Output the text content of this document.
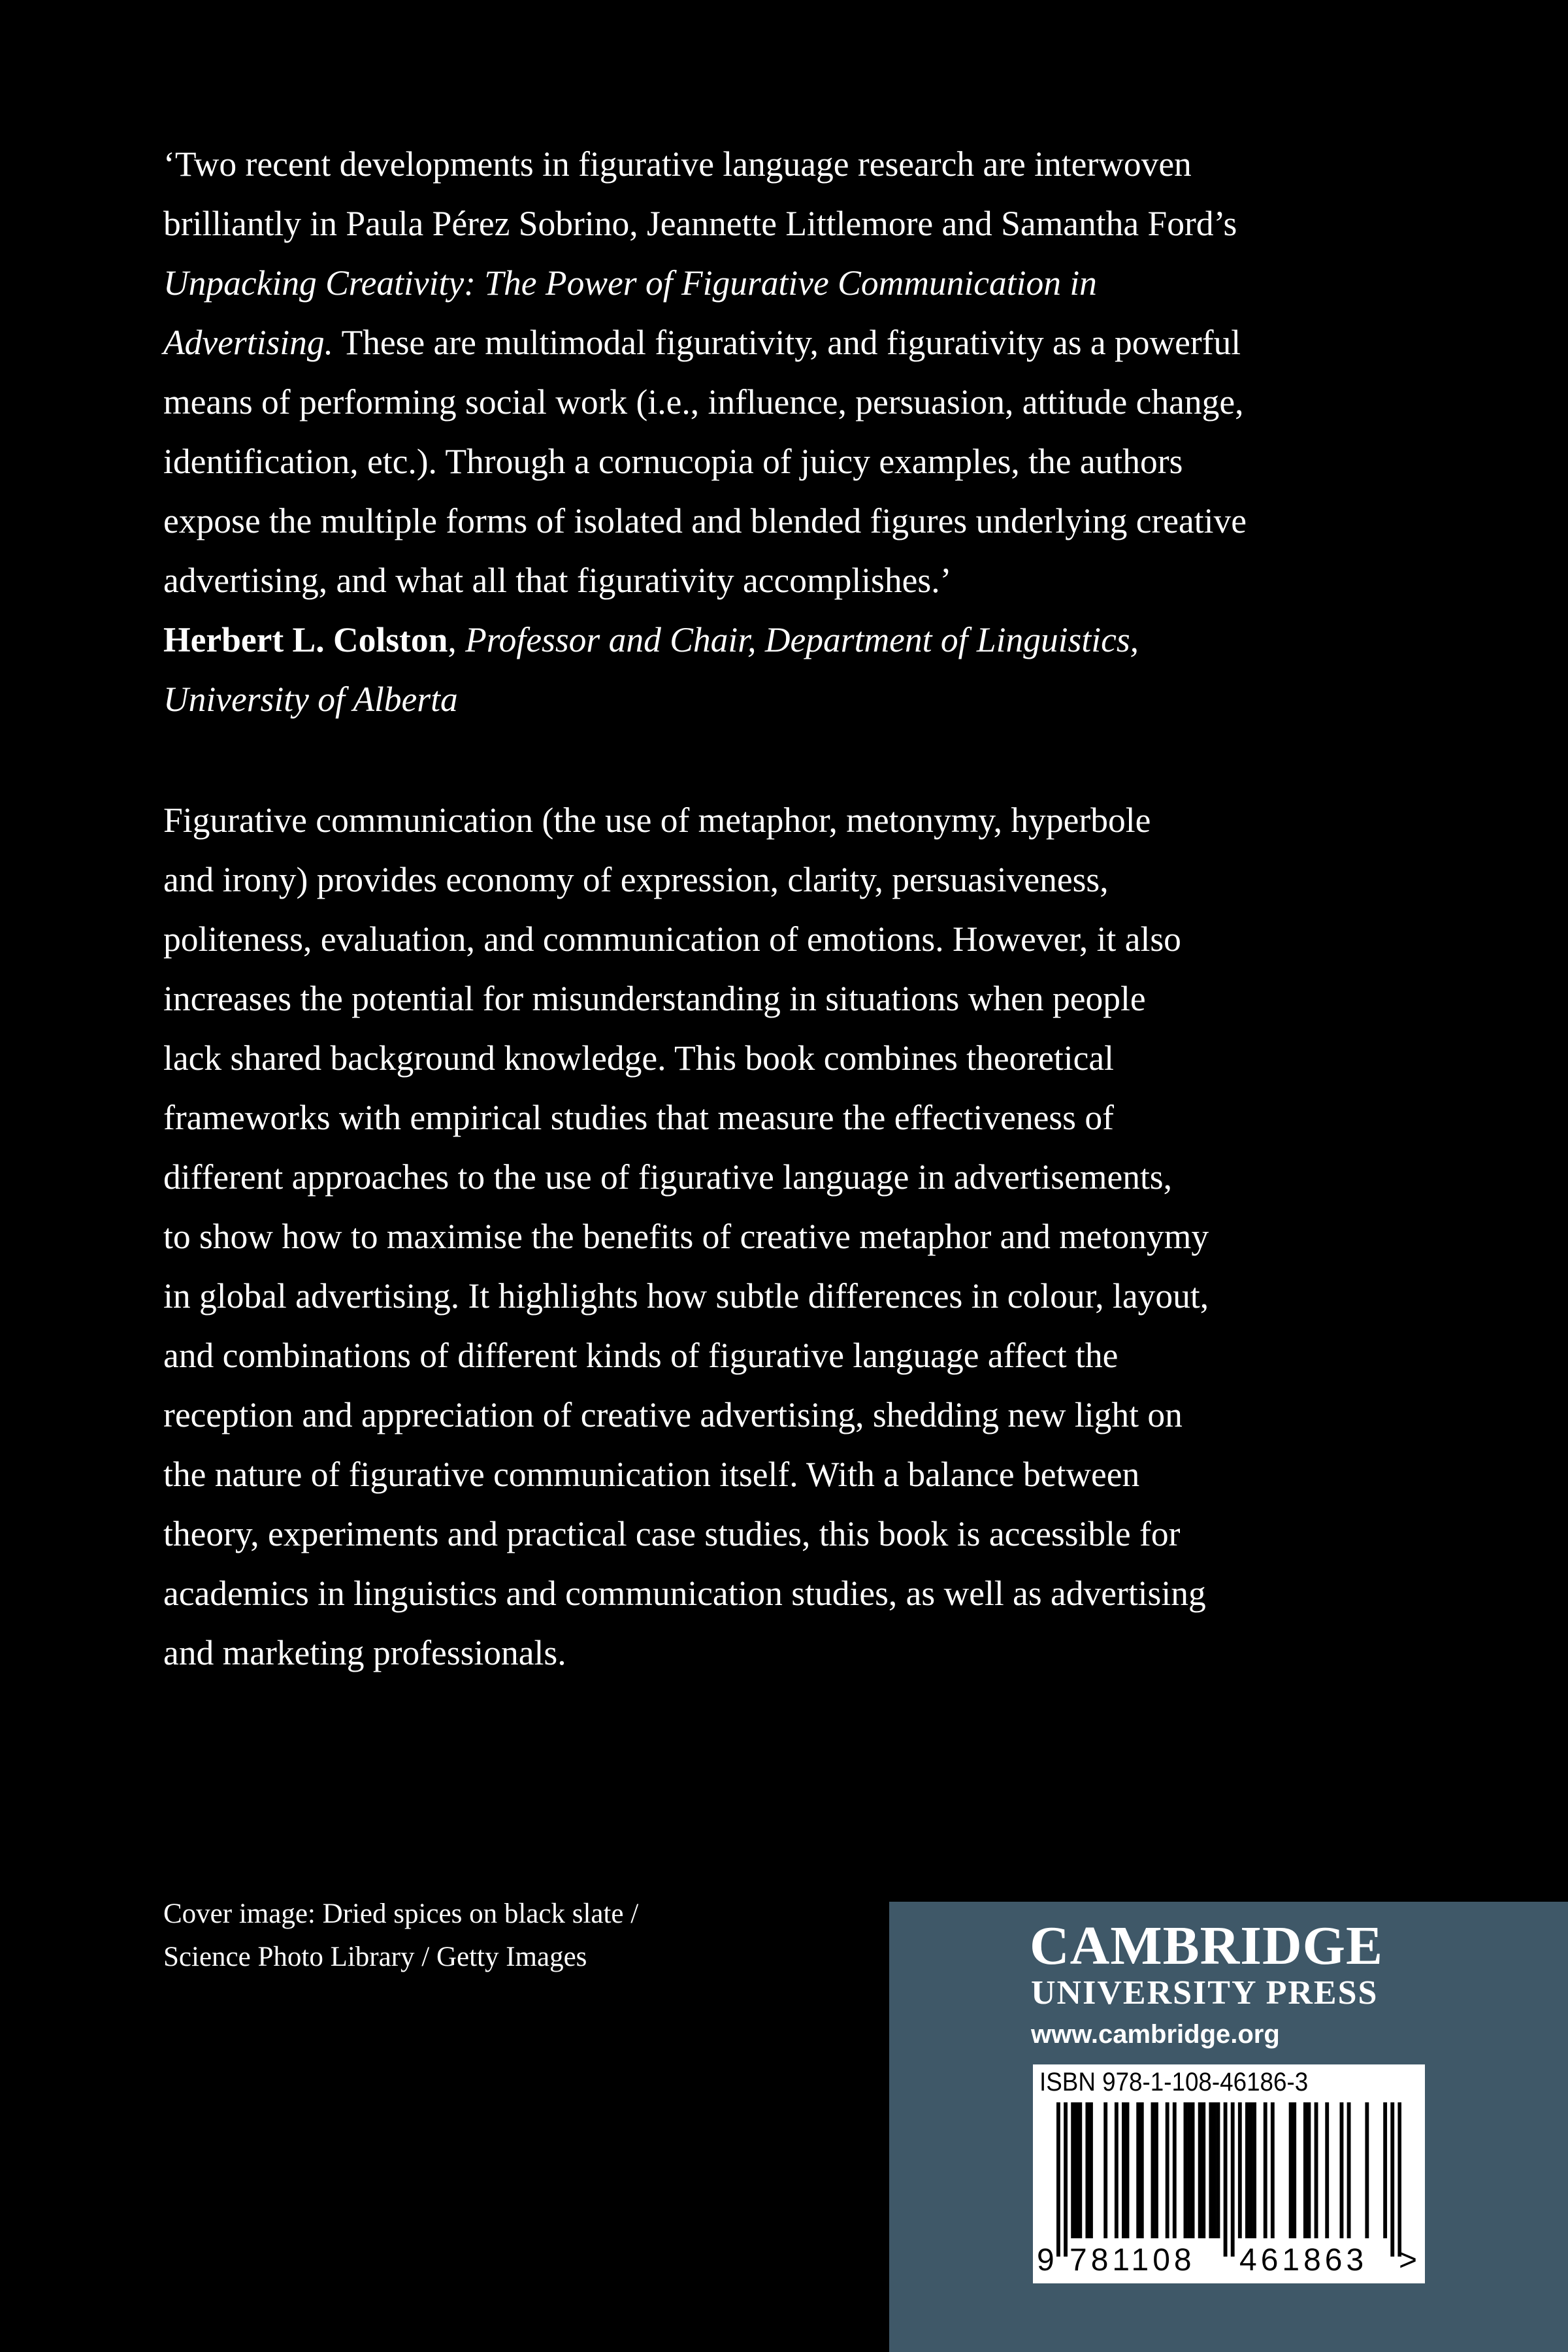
‘Two recent developments in figurative language research are interwoven
brilliantly in Paula Pérez Sobrino, Jeannette Littlemore and Samantha Ford’s
Unpacking Creativity: The Power of Figurative Communication in
Advertising. These are multimodal figurativity, and figurativity as a powerful
means of performing social work (i.e., influence, persuasion, attitude change,
identification, etc.). Through a cornucopia of juicy examples, the authors
expose the multiple forms of isolated and blended figures underlying creative
advertising, and what all that figurativity accomplishes.’
Herbert L. Colston, Professor and Chair, Department of Linguistics,
University of Alberta
Figurative communication (the use of metaphor, metonymy, hyperbole
and irony) provides economy of expression, clarity, persuasiveness,
politeness, evaluation, and communication of emotions. However, it also
increases the potential for misunderstanding in situations when people
lack shared background knowledge. This book combines theoretical
frameworks with empirical studies that measure the effectiveness of
different approaches to the use of figurative language in advertisements,
to show how to maximise the benefits of creative metaphor and metonymy
in global advertising. It highlights how subtle differences in colour, layout,
and combinations of different kinds of figurative language affect the
reception and appreciation of creative advertising, shedding new light on
the nature of figurative communication itself. With a balance between
theory, experiments and practical case studies, this book is accessible for
academics in linguistics and communication studies, as well as advertising
and marketing professionals.
Cover image: Dried spices on black slate /
Science Photo Library / Getty Images	CAMBRIDGE
UNIVERSITY PRESS
www.cambridge.org
ISBN 978-1-108-46186-3
9 781108 461863 >
